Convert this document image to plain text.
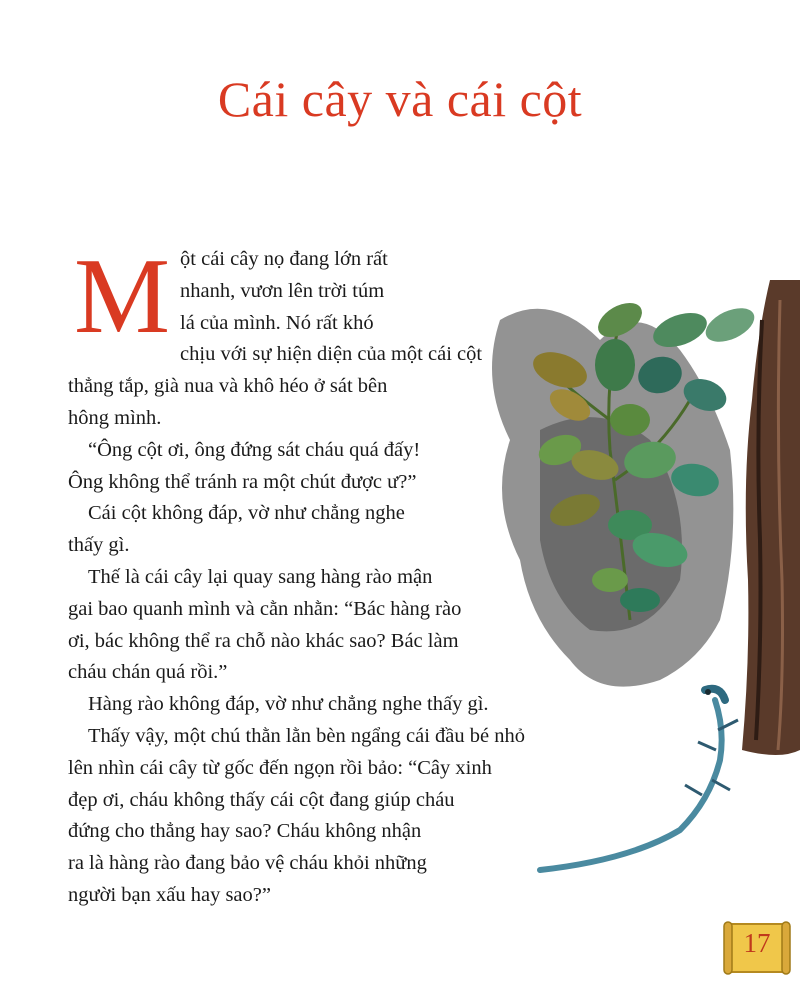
Cái cây và cái cột
M ột cái cây nọ đang lớn rất
nhanh, vươn lên trời túm
lá của mình. Nó rất khó
chịu với sự hiện diện của một cái cột
thẳng tắp, già nua và khô héo ở sát bên
hông mình.
“Ông cột ơi, ông đứng sát cháu quá đấy!
Ông không thể tránh ra một chút được ư?”
Cái cột không đáp, vờ như chẳng nghe
thấy gì.
Thế là cái cây lại quay sang hàng rào mận
gai bao quanh mình và cằn nhằn: “Bác hàng rào
ơi, bác không thể ra chỗ nào khác sao? Bác làm
cháu chán quá rồi.”
Hàng rào không đáp, vờ như chẳng nghe thấy gì.
Thấy vậy, một chú thằn lằn bèn ngẩng cái đầu bé nhỏ
lên nhìn cái cây từ gốc đến ngọn rồi bảo: “Cây xinh
đẹp ơi, cháu không thấy cái cột đang giúp cháu
đứng cho thẳng hay sao? Cháu không nhận
ra là hàng rào đang bảo vệ cháu khỏi những
người bạn xấu hay sao?”
17
